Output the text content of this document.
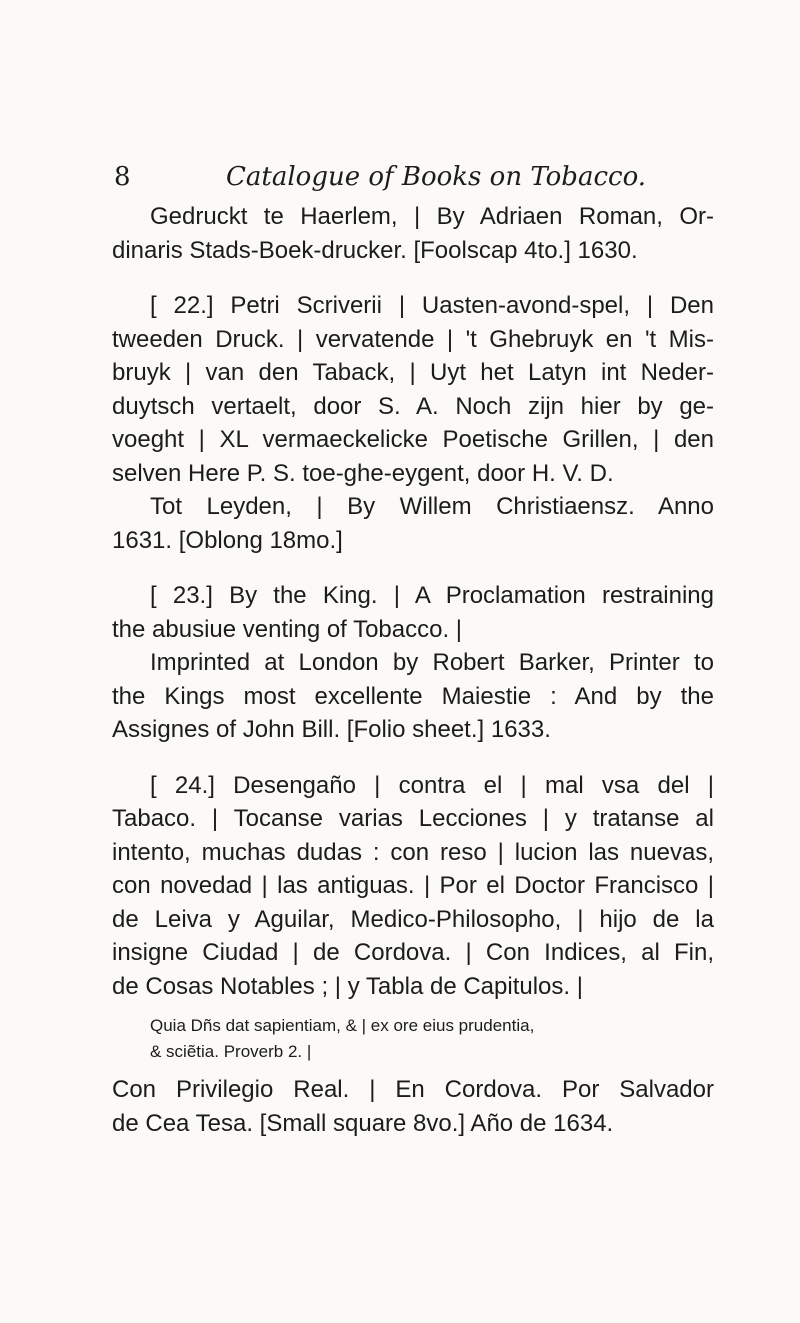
8	Catalogue of Books on Tobacco.
Gedruckt te Haerlem, | By Adriaen Roman, Or-
dinaris Stads-Boek-drucker. [Foolscap 4to.] 1630.
[ 22.] Petri Scriverii | Uasten-avond-spel, | Den
tweeden Druck. | vervatende | 't Ghebruyk en 't Mis-
bruyk | van den Taback, | Uyt het Latyn int Neder-
duytsch vertaelt, door S. A. Noch zijn hier by ge-
voeght | XL vermaeckelicke Poetische Grillen, | den
selven Here P. S. toe-ghe-eygent, door H. V. D.
Tot Leyden, | By Willem Christiaensz. Anno
1631. [Oblong 18mo.]
[ 23.] By the King. | A Proclamation restraining
the abusiue venting of Tobacco. |
Imprinted at London by Robert Barker, Printer to
the Kings most excellente Maiestie : And by the
Assignes of John Bill. [Folio sheet.] 1633.
[ 24.] Desengaño | contra el | mal vsa del |
Tabaco. | Tocanse varias Lecciones | y tratanse al
intento, muchas dudas : con reso | lucion las nuevas,
con novedad | las antiguas. | Por el Doctor Francisco |
de Leiva y Aguilar, Medico-Philosopho, | hijo de la
insigne Ciudad | de Cordova. | Con Indices, al Fin,
de Cosas Notables ; | y Tabla de Capitulos. |
Quia Dñs dat sapientiam, & | ex ore eius prudentia,
& sciẽtia. Proverb 2. |
Con Privilegio Real. | En Cordova. Por Salvador
de Cea Tesa. [Small square 8vo.] Año de 1634.
